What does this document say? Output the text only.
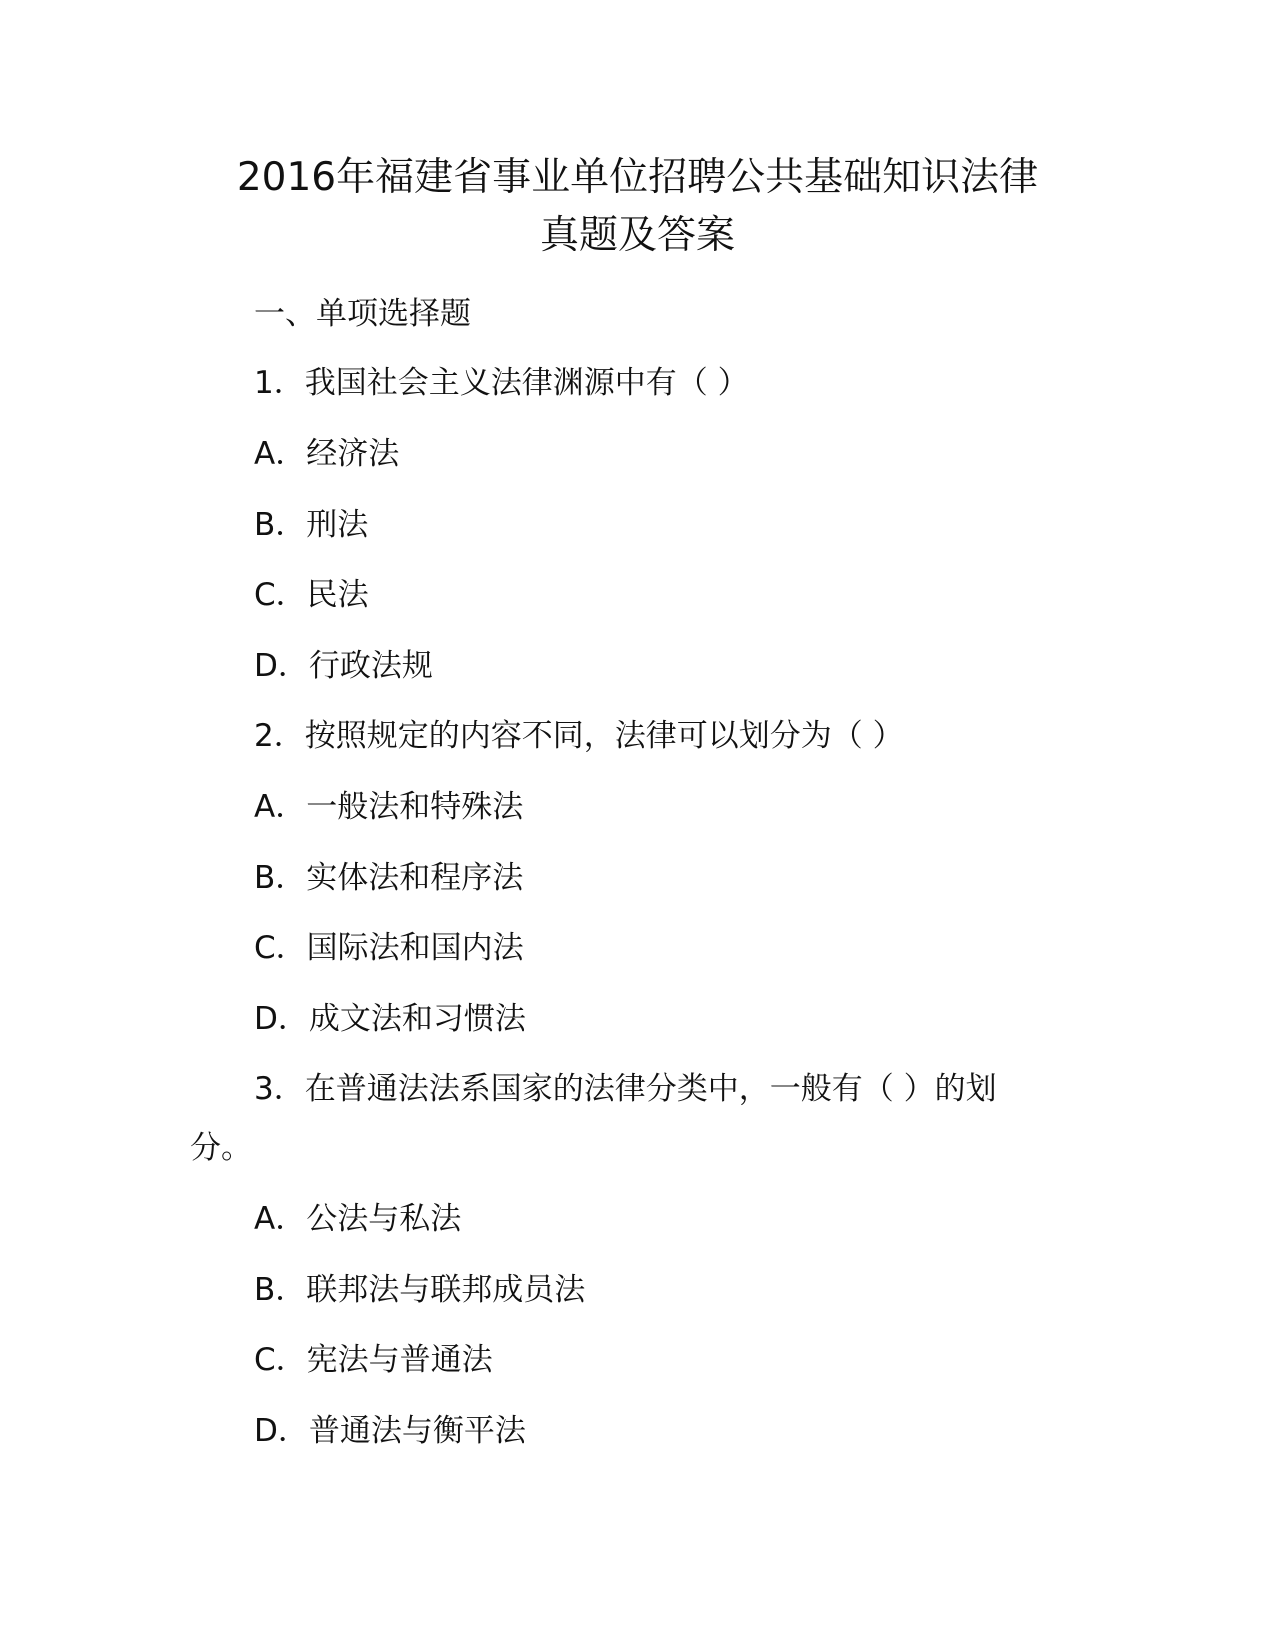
2016年福建省事业单位招聘公共基础知识法律
真题及答案

一、单项选择题

1．我国社会主义法律渊源中有（ ）

A．经济法

B．刑法

C．民法

D．行政法规

2．按照规定的内容不同，法律可以划分为（ ）

A．一般法和特殊法

B．实体法和程序法

C．国际法和国内法

D．成文法和习惯法

3．在普通法法系国家的法律分类中，一般有（ ）的划

分。

A．公法与私法

B．联邦法与联邦成员法

C．宪法与普通法

D．普通法与衡平法
